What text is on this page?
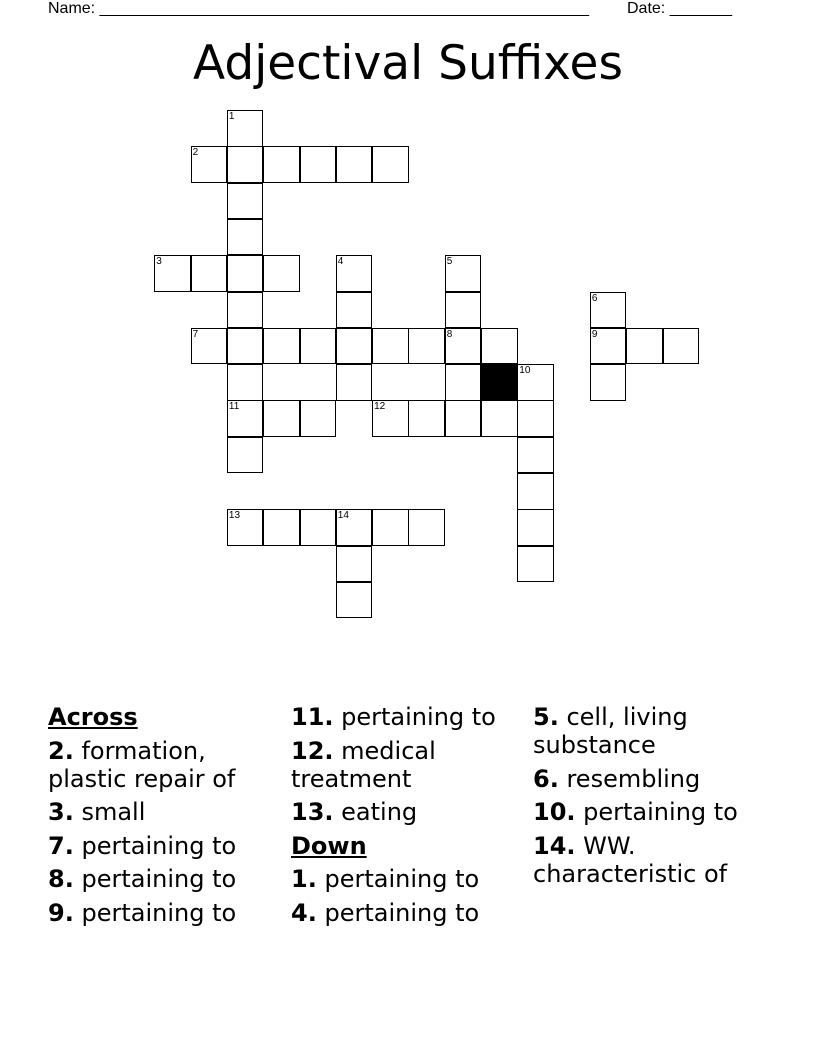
Name: _______________________________________________________ Date: _______
Adjectival Suffixes
1
2
3	4	5
6
7	8	9
10
11	12
13	14
Across
2. formation, plastic repair of
3. small
7. pertaining to
8. pertaining to
9. pertaining to
11. pertaining to
12. medical treatment
13. eating
Down
1. pertaining to
4. pertaining to
5. cell, living substance
6. resembling
10. pertaining to
14. WW. characteristic of
